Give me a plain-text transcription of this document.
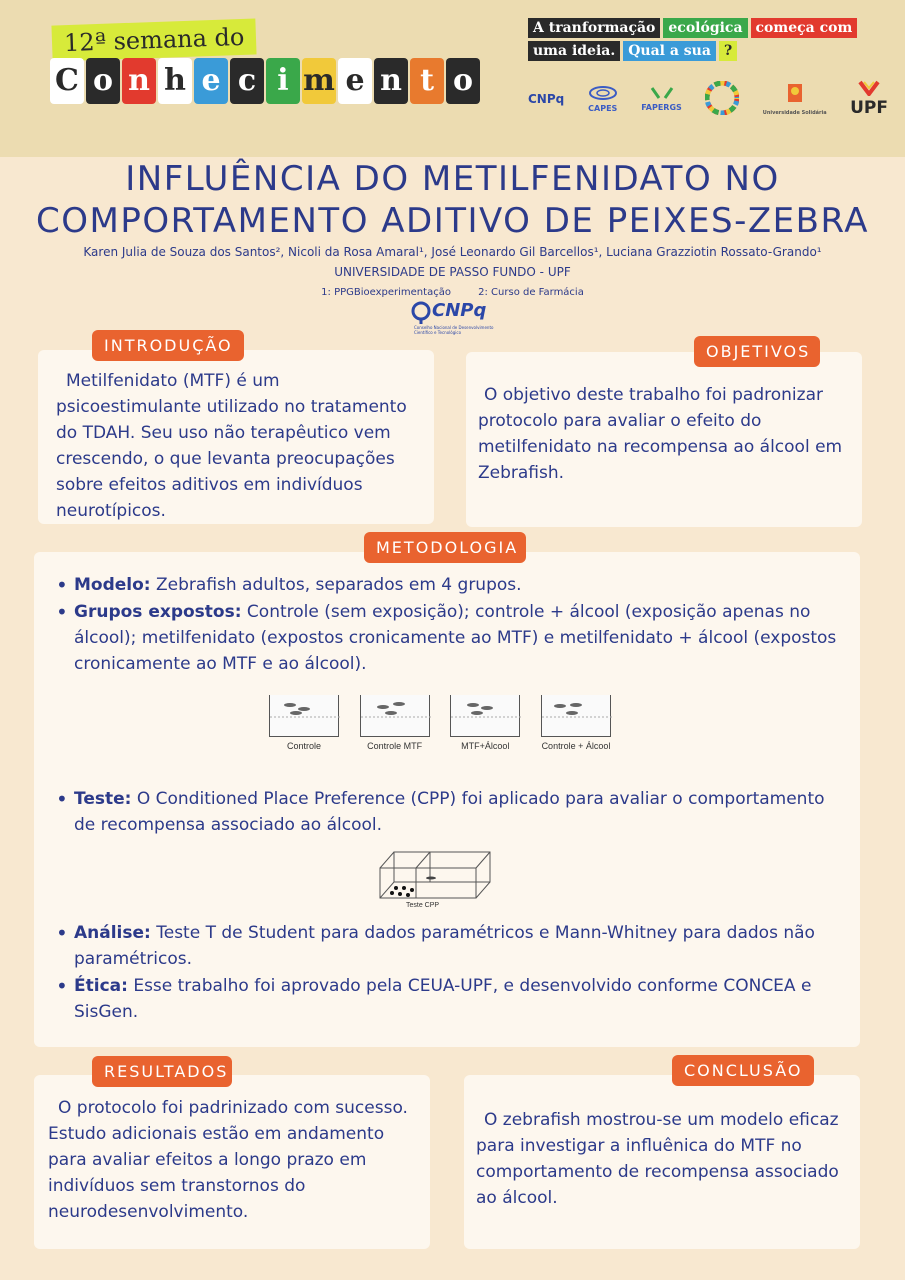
12ª semana do
C o n h e c i m e n t o
A tranformação ecológica começa com
uma ideia. Qual a sua ?
CNPq
CAPES	FAPERGS
Universidade Solidária UPF
INFLUÊNCIA DO METILFENIDATO NO
COMPORTAMENTO ADITIVO DE PEIXES-ZEBRA
Karen Julia de Souza dos Santos², Nicoli da Rosa Amaral¹, José Leonardo Gil Barcellos¹, Luciana Grazziotin Rossato-Grando¹
UNIVERSIDADE DE PASSO FUNDO - UPF
1: PPGBioexperimentação	2: Curso de Farmácia
CNPq
Conselho Nacional de Desenvolvimento Científico e Tecnológico
Metilfenidato (MTF) é um psicoestimulante utilizado no tratamento do TDAH. Seu uso não terapêutico vem crescendo, o que levanta preocupações sobre efeitos aditivos em indivíduos neurotípicos.
INTRODUÇÃO
O objetivo deste trabalho foi padronizar protocolo para avaliar o efeito do metilfenidato na recompensa ao álcool em Zebrafish.
OBJETIVOS
• Modelo: Zebrafish adultos, separados em 4 grupos.
• Grupos expostos: Controle (sem exposição); controle + álcool (exposição apenas no álcool); metilfenidato (expostos cronicamente ao MTF) e metilfenidato + álcool (expostos cronicamente ao MTF e ao álcool).
• Teste: O Conditioned Place Preference (CPP) foi aplicado para avaliar o comportamento de recompensa associado ao álcool.
• Análise: Teste T de Student para dados paramétricos e Mann-Whitney para dados não paramétricos.
• Ética: Esse trabalho foi aprovado pela CEUA-UPF, e desenvolvido conforme CONCEA e SisGen.
METODOLOGIA
Controle	Controle MTF	MTF+Álcool	Controle + Álcool
Teste CPP
O protocolo foi padrinizado com sucesso. Estudo adicionais estão em andamento para avaliar efeitos a longo prazo em indivíduos sem transtornos do neurodesenvolvimento.
RESULTADOS
O zebrafish mostrou-se um modelo eficaz para investigar a influênica do MTF no comportamento de recompensa associado ao álcool.
CONCLUSÃO
